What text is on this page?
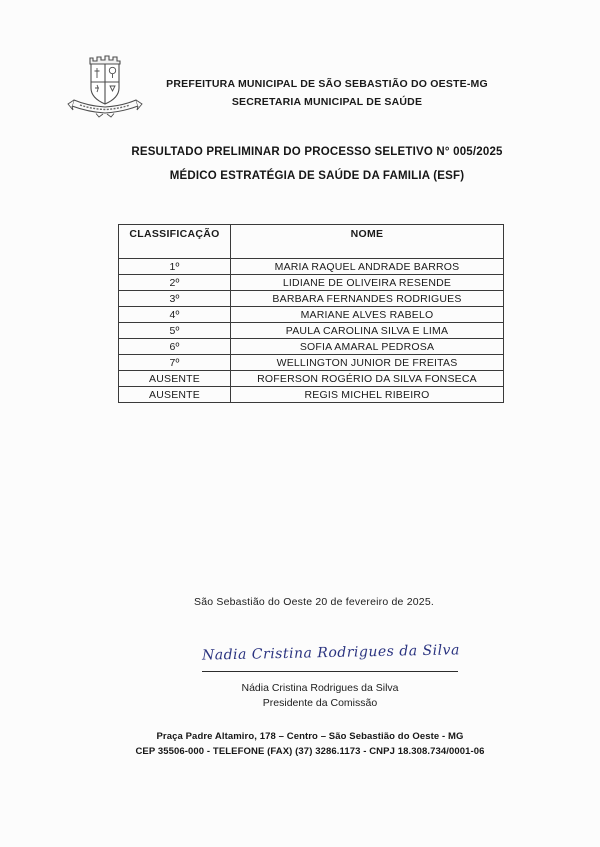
PREFEITURA MUNICIPAL DE SÃO SEBASTIÃO DO OESTE-MG
SECRETARIA MUNICIPAL DE SAÚDE
RESULTADO PRELIMINAR DO PROCESSO SELETIVO N° 005/2025
MÉDICO ESTRATÉGIA DE SAÚDE DA FAMILIA (ESF)
CLASSIFICAÇÃO	NOME
1º	MARIA RAQUEL ANDRADE BARROS
2º	LIDIANE DE OLIVEIRA RESENDE
3º	BARBARA FERNANDES RODRIGUES
4º	MARIANE ALVES RABELO
5º	PAULA CAROLINA SILVA E LIMA
6º	SOFIA AMARAL PEDROSA
7º	WELLINGTON JUNIOR DE FREITAS
AUSENTE	ROFERSON ROGÉRIO DA SILVA FONSECA
AUSENTE	REGIS MICHEL RIBEIRO
São Sebastião do Oeste 20 de fevereiro de 2025.
Nadia Cristina Rodrigues da Silva
Nádia Cristina Rodrigues da Silva
Presidente da Comissão
Praça Padre Altamiro, 178 – Centro – São Sebastião do Oeste - MG
CEP 35506-000 - TELEFONE (FAX) (37) 3286.1173 - CNPJ 18.308.734/0001-06
